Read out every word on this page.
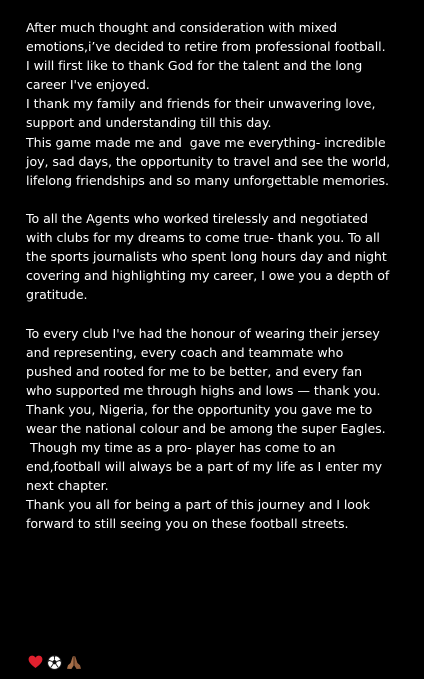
After much thought and consideration with mixed
emotions,i’ve decided to retire from professional football.
I will first like to thank God for the talent and the long
career I've enjoyed.
I thank my family and friends for their unwavering love,
support and understanding till this day.
This game made me and  gave me everything- incredible
joy, sad days, the opportunity to travel and see the world,
lifelong friendships and so many unforgettable memories.
To all the Agents who worked tirelessly and negotiated
with clubs for my dreams to come true- thank you. To all
the sports journalists who spent long hours day and night
covering and highlighting my career, I owe you a depth of
gratitude.
To every club I've had the honour of wearing their jersey
and representing, every coach and teammate who
pushed and rooted for me to be better, and every fan
who supported me through highs and lows — thank you.
Thank you, Nigeria, for the opportunity you gave me to
wear the national colour and be among the super Eagles.
Though my time as a pro- player has come to an
end,football will always be a part of my life as I enter my
next chapter.
Thank you all for being a part of this journey and I look
forward to still seeing you on these football streets.
